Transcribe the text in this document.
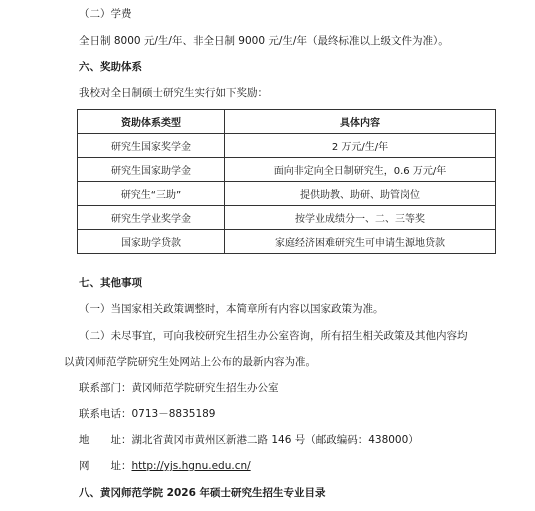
（二）学费
全日制 8000 元/生/年、非全日制 9000 元/生/年（最终标准以上级文件为准）。
六、奖助体系
我校对全日制硕士研究生实行如下奖励：
资助体系类型	具体内容
研究生国家奖学金	2 万元/生/年
研究生国家助学金	面向非定向全日制研究生，0.6 万元/年
研究生“三助”	提供助教、助研、助管岗位
研究生学业奖学金	按学业成绩分一、二、三等奖
国家助学贷款	家庭经济困难研究生可申请生源地贷款
七、其他事项
（一）当国家相关政策调整时，本简章所有内容以国家政策为准。
（二）未尽事宜，可向我校研究生招生办公室咨询，所有招生相关政策及其他内容均
以黄冈师范学院研究生处网站上公布的最新内容为准。
联系部门：黄冈师范学院研究生招生办公室
联系电话：0713－8835189
地　　址：湖北省黄冈市黄州区新港二路 146 号（邮政编码：438000）
网　　址：http://yjs.hgnu.edu.cn/
八、黄冈师范学院 2026 年硕士研究生招生专业目录
